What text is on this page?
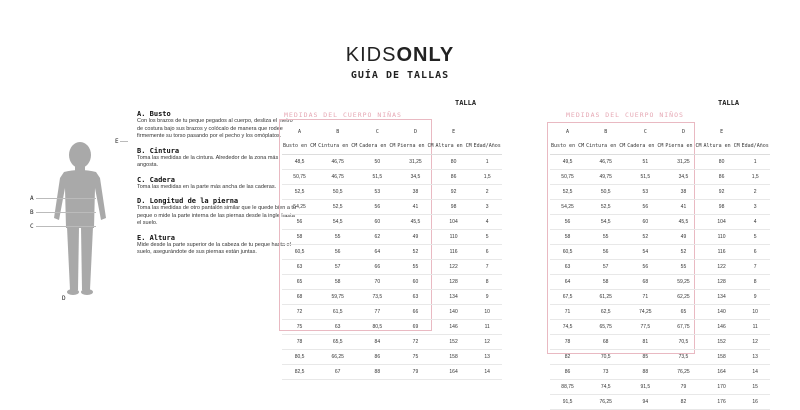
KIDSONLY
GUÍA DE TALLAS
E
A
B
C
D
A. Busto
Con los brazos de tu peque pegados al cuerpo, desliza el metro de costura bajo sus brazos y colócalo de manera que rodee firmemente su torso pasando por el pecho y los omóplatos.
B. Cintura
Toma las medidas de la cintura. Alrededor de la zona más angosta.
C. Cadera
Toma las medidas en la parte más ancha de las caderas.
D. Longitud de la pierna
Toma las medidas de otro pantalón similar que le quede bien a tu peque o mide la parte interna de las piernas desde la ingle hasta el suelo.
E. Altura
Mide desde la parte superior de la cabeza de tu peque hasta el suelo, asegurándote de sus piernas están juntas.
TALLA
MEDIDAS DEL CUERPO NIÑAS
A	B	C	D	E	
Busto en CM	Cintura en CM	Cadera en CM	Pierna en CM	Altura en CM	Edad/Años
48,5	46,75	50	31,25	80	1
50,75	46,75	51,5	34,5	86	1,5
52,5	50,5	53	38	92	2
54,25	52,5	56	41	98	3
56	54,5	60	45,5	104	4
58	55	62	49	110	5
60,5	56	64	52	116	6
63	57	66	55	122	7
65	58	70	60	128	8
68	59,75	73,5	63	134	9
72	61,5	77	66	140	10
75	63	80,5	69	146	11
78	65,5	84	72	152	12
80,5	66,25	86	75	158	13
82,5	67	88	79	164	14
TALLA
MEDIDAS DEL CUERPO NIÑOS
A	B	C	D	E	
Busto en CM	Cintura en CM	Cadera en CM	Pierna en CM	Altura en CM	Edad/Años
49,5	46,75	51	31,25	80	1
50,75	49,75	51,5	34,5	86	1,5
52,5	50,5	53	38	92	2
54,25	52,5	56	41	98	3
56	54,5	60	45,5	104	4
58	55	52	49	110	5
60,5	56	54	52	116	6
63	57	56	55	122	7
64	58	68	59,25	128	8
67,5	61,25	71	62,25	134	9
71	62,5	74,25	65	140	10
74,5	65,75	77,5	67,75	146	11
78	68	81	70,5	152	12
82	70,5	85	73,5	158	13
86	73	88	76,25	164	14
88,75	74,5	91,5	79	170	15
91,5	76,25	94	82	176	16
